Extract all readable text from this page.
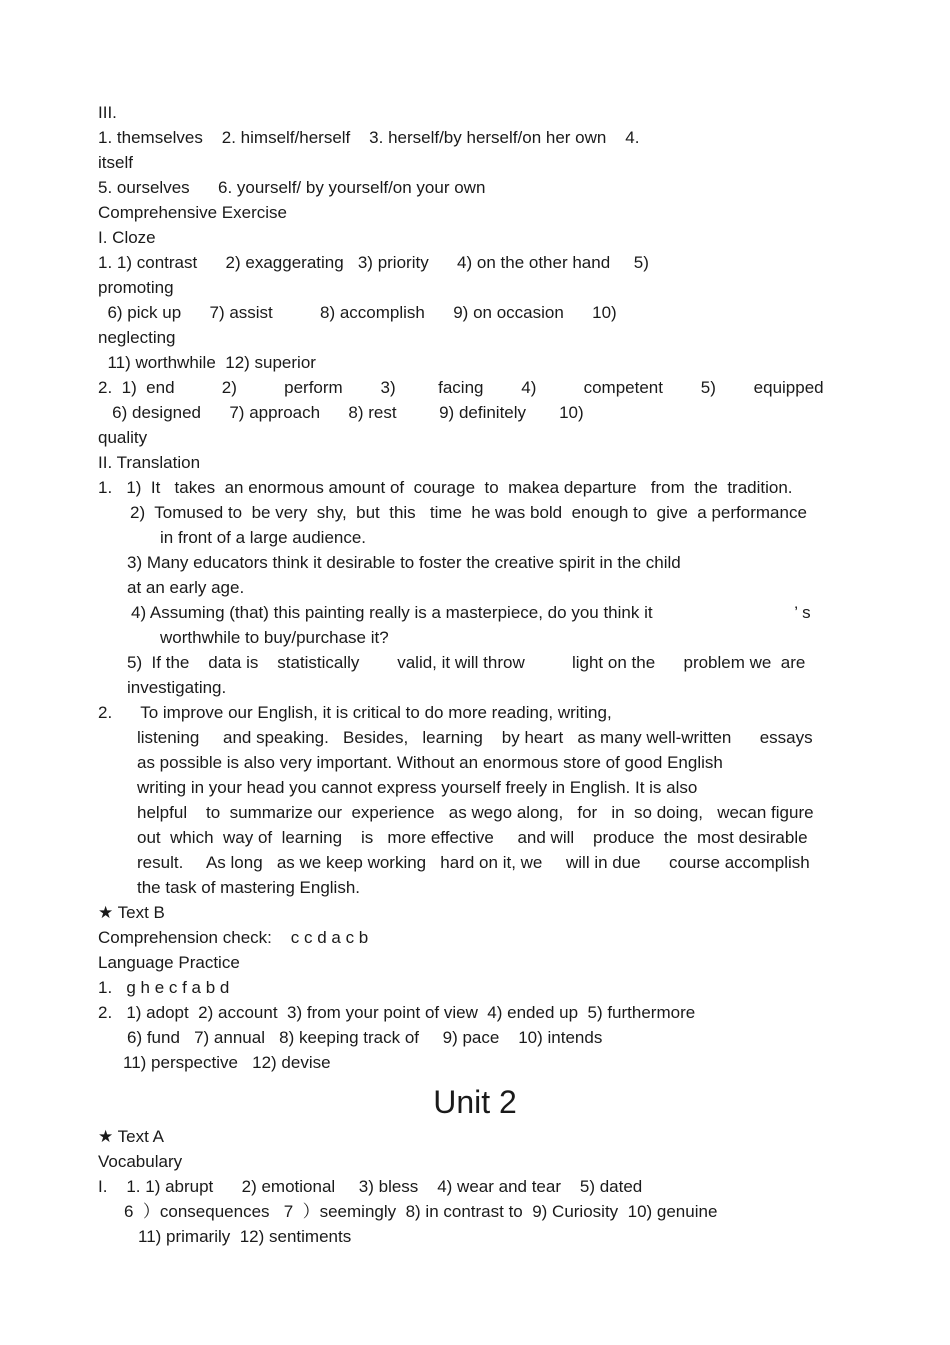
III.
1. themselves    2. himself/herself    3. herself/by herself/on her own    4.
itself
5. ourselves      6. yourself/ by yourself/on your own
Comprehensive Exercise
I. Cloze
1. 1) contrast      2) exaggerating   3) priority      4) on the other hand     5)
promoting
6) pick up      7) assist          8) accomplish      9) on occasion      10)
neglecting
11) worthwhile  12) superior
2.  1)  end          2)          perform        3)         facing        4)          competent        5)        equipped
6) designed      7) approach      8) rest         9) definitely       10)
quality
II. Translation
1.   1)  It   takes  an enormous amount of  courage  to  makea departure   from  the  tradition.
2)  Tomused to  be very  shy,  but  this   time  he was bold  enough to  give  a performance
in front of a large audience.
3) Many educators think it desirable to foster the creative spirit in the child
at an early age.
4) Assuming (that) this painting really is a masterpiece, do you think it                              ’ s
worthwhile to buy/purchase it?
5)  If the    data is    statistically        valid, it will throw          light on the      problem we  are
investigating.
2.      To improve our English, it is critical to do more reading, writing,
listening     and speaking.   Besides,   learning    by heart   as many well-written      essays
as possible is also very important. Without an enormous store of good English
writing in your head you cannot express yourself freely in English. It is also
helpful    to  summarize our  experience   as wego along,   for   in  so doing,   wecan figure
out  which  way of  learning    is   more effective     and will    produce  the  most desirable
result.     As long   as we keep working   hard on it, we     will in due      course accomplish
the task of mastering English.
★ Text B
Comprehension check:    c c d a c b
Language Practice
1.   g h e c f a b d
2.   1) adopt  2) account  3) from your point of view  4) ended up  5) furthermore
6) fund   7) annual   8) keeping track of     9) pace    10) intends
11) perspective   12) devise
★ Text A
Vocabulary
I.    1. 1) abrupt      2) emotional     3) bless    4) wear and tear    5) dated
6  ）consequences   7  ）seemingly  8) in contrast to  9) Curiosity  10) genuine
11) primarily  12) sentiments
Unit 2
